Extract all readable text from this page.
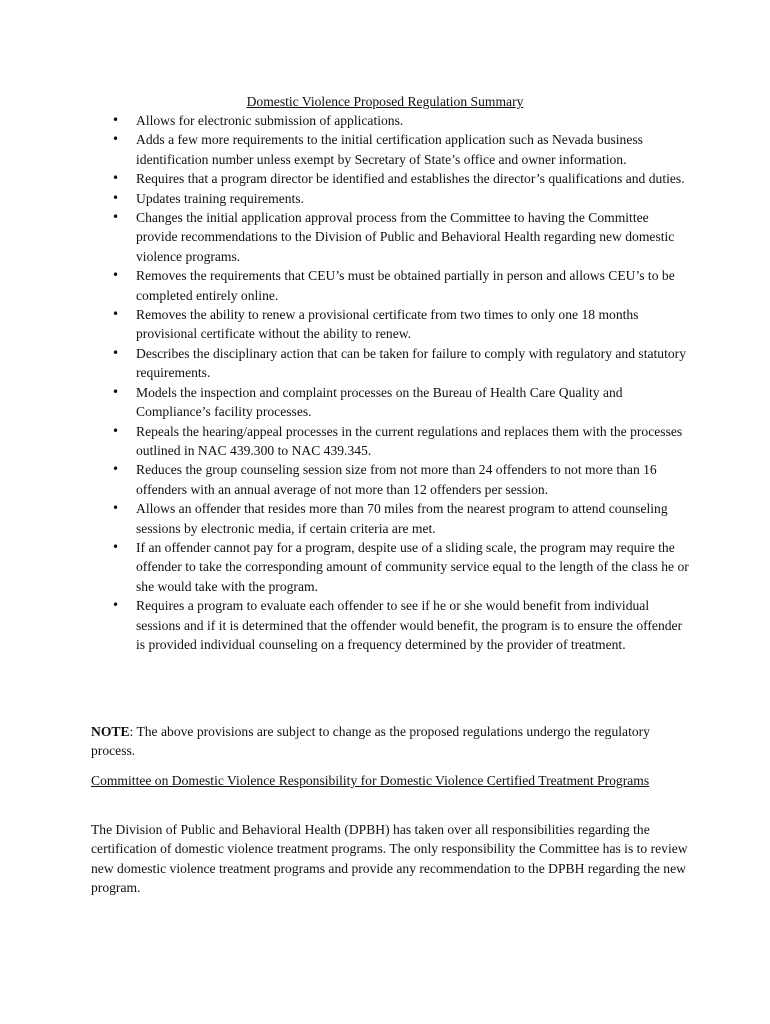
Domestic Violence Proposed Regulation Summary
• Allows for electronic submission of applications.
• Adds a few more requirements to the initial certification application such as Nevada business identification number unless exempt by Secretary of State’s office and owner information.
• Requires that a program director be identified and establishes the director’s qualifications and duties.
• Updates training requirements.
• Changes the initial application approval process from the Committee to having the Committee provide recommendations to the Division of Public and Behavioral Health regarding new domestic violence programs.
• Removes the requirements that CEU’s must be obtained partially in person and allows CEU’s to be completed entirely online.
• Removes the ability to renew a provisional certificate from two times to only one 18 months provisional certificate without the ability to renew.
• Describes the disciplinary action that can be taken for failure to comply with regulatory and statutory requirements.
• Models the inspection and complaint processes on the Bureau of Health Care Quality and Compliance’s facility processes.
• Repeals the hearing/appeal processes in the current regulations and replaces them with the processes outlined in NAC 439.300 to NAC 439.345.
• Reduces the group counseling session size from not more than 24 offenders to not more than 16 offenders with an annual average of not more than 12 offenders per session.
• Allows an offender that resides more than 70 miles from the nearest program to attend counseling sessions by electronic media, if certain criteria are met.
• If an offender cannot pay for a program, despite use of a sliding scale, the program may require the offender to take the corresponding amount of community service equal to the length of the class he or she would take with the program.
• Requires a program to evaluate each offender to see if he or she would benefit from individual sessions and if it is determined that the offender would benefit, the program is to ensure the offender is provided individual counseling on a frequency determined by the provider of treatment.

NOTE: The above provisions are subject to change as the proposed regulations undergo the regulatory process.

Committee on Domestic Violence Responsibility for Domestic Violence Certified Treatment Programs

The Division of Public and Behavioral Health (DPBH) has taken over all responsibilities regarding the certification of domestic violence treatment programs. The only responsibility the Committee has is to review new domestic violence treatment programs and provide any recommendation to the DPBH regarding the new program.
